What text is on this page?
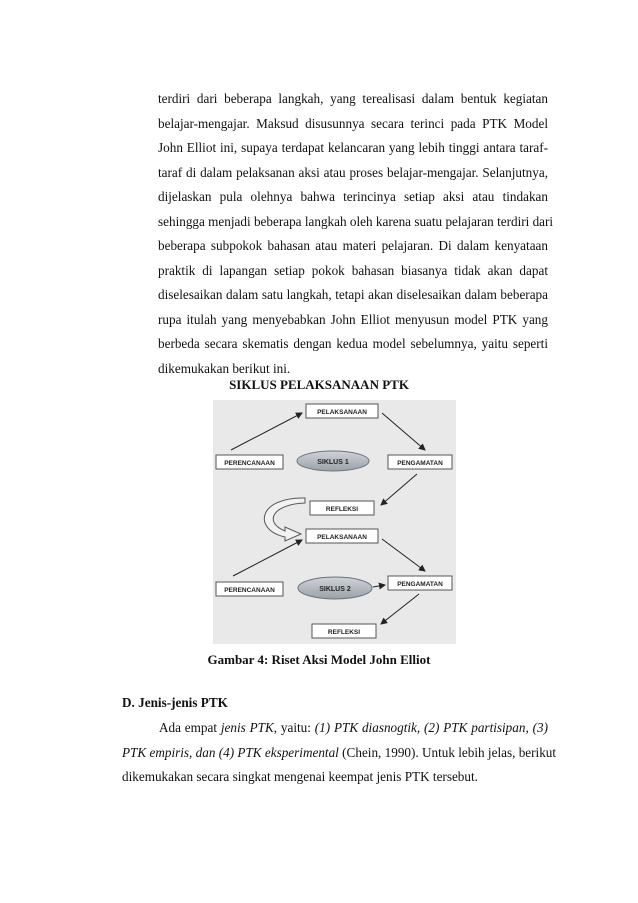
terdiri dari beberapa langkah, yang terealisasi dalam bentuk kegiatan
belajar-mengajar. Maksud disusunnya secara terinci pada PTK Model
John Elliot ini, supaya terdapat kelancaran yang lebih tinggi antara taraf-
taraf di dalam pelaksanan aksi atau proses belajar-mengajar. Selanjutnya,
dijelaskan pula olehnya bahwa terincinya setiap aksi atau tindakan
sehingga menjadi beberapa langkah oleh karena suatu pelajaran terdiri dari
beberapa subpokok bahasan atau materi pelajaran. Di dalam kenyataan
praktik di lapangan setiap pokok bahasan biasanya tidak akan dapat
diselesaikan dalam satu langkah, tetapi akan diselesaikan dalam beberapa
rupa itulah yang menyebabkan John Elliot menyusun model PTK yang
berbeda secara skematis dengan kedua model sebelumnya, yaitu seperti
dikemukakan berikut ini.
SIKLUS PELAKSANAAN PTK
PELAKSANAAN
PERENCANAAN	SIKLUS 1	PENGAMATAN
REFLEKSI
PELAKSANAAN
PERENCANAAN	SIKLUS 2
PENGAMATAN
REFLEKSI
Gambar 4: Riset Aksi Model John Elliot
D. Jenis-jenis PTK
Ada empat jenis PTK, yaitu: (1) PTK diasnogtik, (2) PTK partisipan, (3)
PTK empiris, dan (4) PTK eksperimental (Chein, 1990). Untuk lebih jelas, berikut
dikemukakan secara singkat mengenai keempat jenis PTK tersebut.
